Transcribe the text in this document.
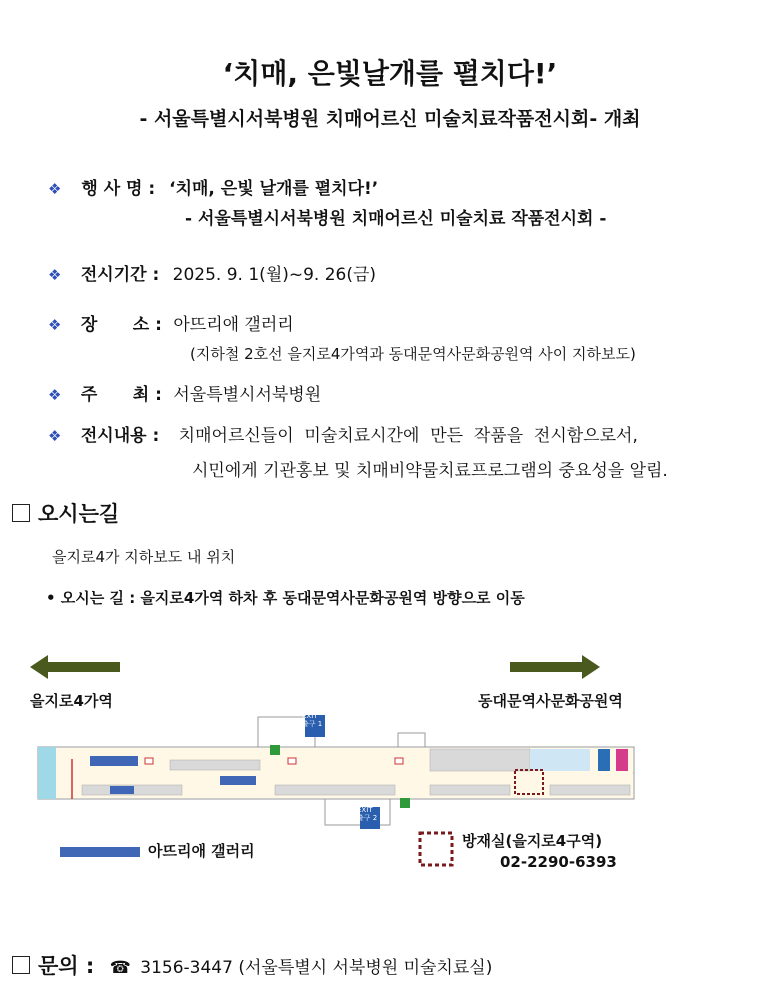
‘치매, 은빛날개를 펼치다!’
- 서울특별시서북병원 치매어르신 미술치료작품전시회- 개최
❖ 행 사 명 : ‘치매, 은빛 날개를 펼치다!’
- 서울특별시서북병원 치매어르신 미술치료 작품전시회 -
❖ 전시기간 : 2025. 9. 1(월)~9. 26(금)
❖ 장      소 : 아뜨리애 갤러리
(지하철 2호선 을지로4가역과 동대문역사문화공원역 사이 지하보도)
❖ 주      최 : 서울특별시서북병원
❖ 전시내용 : 치매어르신들이  미술치료시간에  만든  작품을  전시함으로서,
시민에게 기관홍보 및 치매비약물치료프로그램의 중요성을 알림.
오시는길
을지로4가 지하보도 내 위치
• 오시는 길 : 을지로4가역 하차 후 동대문역사문화공원역 방향으로 이동
을지로4가역	동대문역사문화공원역
EXIT 출구 1
EXIT 출구 2
아뜨리애 갤러리
방재실(을지로4구역)
02-2290-6393
문의 : ☎ 3156-3447 (서울특별시 서북병원 미술치료실)
